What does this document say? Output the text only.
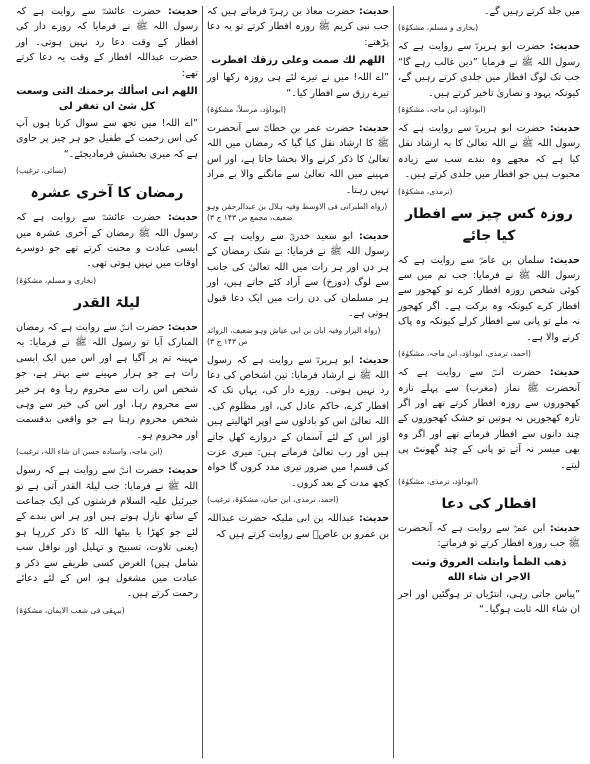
میں جلد کرتے رہیں گے۔

(بخاری و مسلم، مشکوٰۃ)

حدیث: حضرت ابو ہریرہؓ سے روایت ہے کہ رسول اللہ ﷺ نے فرمایا ”دین غالب رہے گا“ جب تک لوگ افطار میں جلدی کرتے رہیں گے، کیونکہ یہود و نصاریٰ تاخیر کرتے ہیں۔

(ابوداؤد، ابن ماجہ، مشکوٰۃ)

حدیث: حضرت ابو ہریرہؓ سے روایت ہے کہ رسول اللہ ﷺ نے اللہ تعالیٰ کا یہ ارشاد نقل کیا ہے کہ مجھے وہ بندے سب سے زیادہ محبوب ہیں جو افطار میں جلدی کرتے ہیں۔

(ترمذی، مشکوٰۃ)
روزہ کس چیز سے افطار کیا جائے

حدیث: سلمان بن عامرؓ سے روایت ہے کہ رسول اللہ ﷺ نے فرمایا: جب تم میں سے کوئی شخص روزہ افطار کرے تو کھجور سے افطار کرے کیونکہ وہ برکت ہے۔ اگر کھجور نہ ملے تو پانی سے افطار کرلے کیونکہ وہ پاک کرنے والا ہے۔

(احمد، ترمذی، ابوداؤد، ابن ماجہ، مشکوٰۃ)

حدیث: حضرت انسؓ سے روایت ہے کہ آنحضرت ﷺ نماز (مغرب) سے پہلے تازہ کھجوروں سے روزہ افطار کرتے تھے اور اگر تازہ کھجوریں نہ ہوتیں تو خشک کھجوروں کے چند دانوں سے افطار فرماتے تھے اور اگر وہ بھی میسر نہ آتے تو پانی کے چند گھونٹ پی لیتے۔

(ابوداؤد، ترمذی، مشکوٰۃ)
افطار کی دعا

حدیث: ابن عمرؓ سے روایت ہے کہ آنحضرت ﷺ جب روزہ افطار کرتے تو فرماتے:

ذهب الظمأ وابتلت العروق وثبت الاجر ان شاء الله

”پیاس جاتی رہی، انتڑیاں تر ہوگئیں اور اجر ان شاء اللہ ثابت ہوگیا۔“

حدیث: حضرت معاذ بن زہرہؓ فرماتے ہیں کہ جب نبی کریم ﷺ روزہ افطار کرتے تو یہ دعا پڑھتے:

اللهم لك صمت وعلى رزقك افطرت

”اے اللہ! میں نے تیرے لئے ہی روزہ رکھا اور تیرے رزق سے افطار کیا۔“

(ابوداؤد، مرسلاً، مشکوٰۃ)

حدیث: حضرت عمر بن خطابؓ سے آنحضرت ﷺ کا ارشاد نقل کیا گیا کہ رمضان میں اللہ تعالیٰ کا ذکر کرنے والا بخشا جاتا ہے، اور اس مہینے میں اللہ تعالیٰ سے مانگنے والا بے مراد نہیں رہتا۔

(رواہ الطبرانی فی الاوسط وفیہ ہلال بن عبدالرحمٰن وہو ضعیف، مجمع ص ۱۴۳ ج ۳)

حدیث: ابو سعید خدریؓ سے روایت ہے کہ رسول اللہ ﷺ نے فرمایا: بے شک رمضان کے ہر دن اور ہر رات میں اللہ تعالیٰ کی جانب سے لوگ (دوزخ) سے آزاد کئے جاتے ہیں، اور ہر مسلمان کی دن رات میں ایک دعا قبول ہوتی ہے۔

(رواہ البزار وفیہ ابان بن ابی عیاش وہو ضعیف، الزوائد ص ۱۴۳ ج ۳)

حدیث: ابو ہریرہؓ سے روایت ہے کہ رسول اللہ ﷺ نے ارشاد فرمایا: تین اشخاص کی دعا رد نہیں ہوتی۔ روزے دار کی، یہاں تک کہ افطار کرے، حاکم عادل کی، اور مظلوم کی۔ اللہ تعالیٰ اس کو بادلوں سے اوپر اٹھالیتے ہیں اور اس کے لئے آسمان کے دروازے کھل جاتے ہیں اور رب تعالیٰ فرماتے ہیں: میری عزت کی قسم! میں ضرور تیری مدد کروں گا خواہ کچھ مدت کے بعد کروں۔

(احمد، ترمذی، ابن حبان، مشکوٰۃ، ترغیب)

حدیث: عبداللہ بن ابی ملیکہ حضرت عبداللہ بن عمرو بن عاصؓ سے روایت کرتے ہیں کہ

حدیث: حضرت عائشہؓ سے روایت ہے کہ رسول اللہ ﷺ نے فرمایا کہ روزے دار کی افطار کے وقت دعا رد نہیں ہوتی۔ اور حضرت عبداللہ افطار کے وقت یہ دعا کرتے تھے:

اللهم انى اسألك برحمتك التى وسعت كل شئ ان تغفر لى

”اے اللہ! میں تجھ سے سوال کرتا ہوں آپ کی اس رحمت کے طفیل جو ہر چیز پر حاوی ہے کہ میری بخشش فرمادیجئے۔“

(نسائی، ترغیب)
رمضان کا آخری عشرہ

حدیث: حضرت عائشہؓ سے روایت ہے کہ رسول اللہ ﷺ رمضان کے آخری عشرہ میں ایسی عبادت و محنت کرتے تھے جو دوسرے اوقات میں نہیں ہوتی تھی۔

(بخاری و مسلم، مشکوٰۃ)
لیلۃ القدر

حدیث: حضرت انسؓ سے روایت ہے کہ رمضان المبارک آیا تو رسول اللہ ﷺ نے فرمایا: یہ مہینہ تم پر آگیا ہے اور اس میں ایک ایسی رات ہے جو ہزار مہینے سے بہتر ہے، جو شخص اس رات سے محروم رہا وہ ہر خیر سے محروم رہا، اور اس کی خیر سے وہی شخص محروم رہتا ہے جو واقعی بدقسمت اور محروم ہو۔

(ابن ماجہ، واسنادہ حسن ان شاء اللہ، ترغیب)

حدیث: حضرت انسؓ سے روایت ہے کہ رسول اللہ ﷺ نے فرمایا: جب لیلۃ القدر آتی ہے تو جبرئیل علیہ السلام فرشتوں کی ایک جماعت کے ساتھ نازل ہوتے ہیں اور ہر اس بندے کے لئے جو کھڑا یا بیٹھا اللہ کا ذکر کررہا ہو (یعنی تلاوت، تسبیح و تہلیل اور نوافل سب شامل ہیں) الغرض کسی طریقے سے ذکر و عبادت میں مشغول ہو، اس کے لئے دعائے رحمت کرتے ہیں۔

(بیہقی فی شعب الایمان، مشکوٰۃ)
